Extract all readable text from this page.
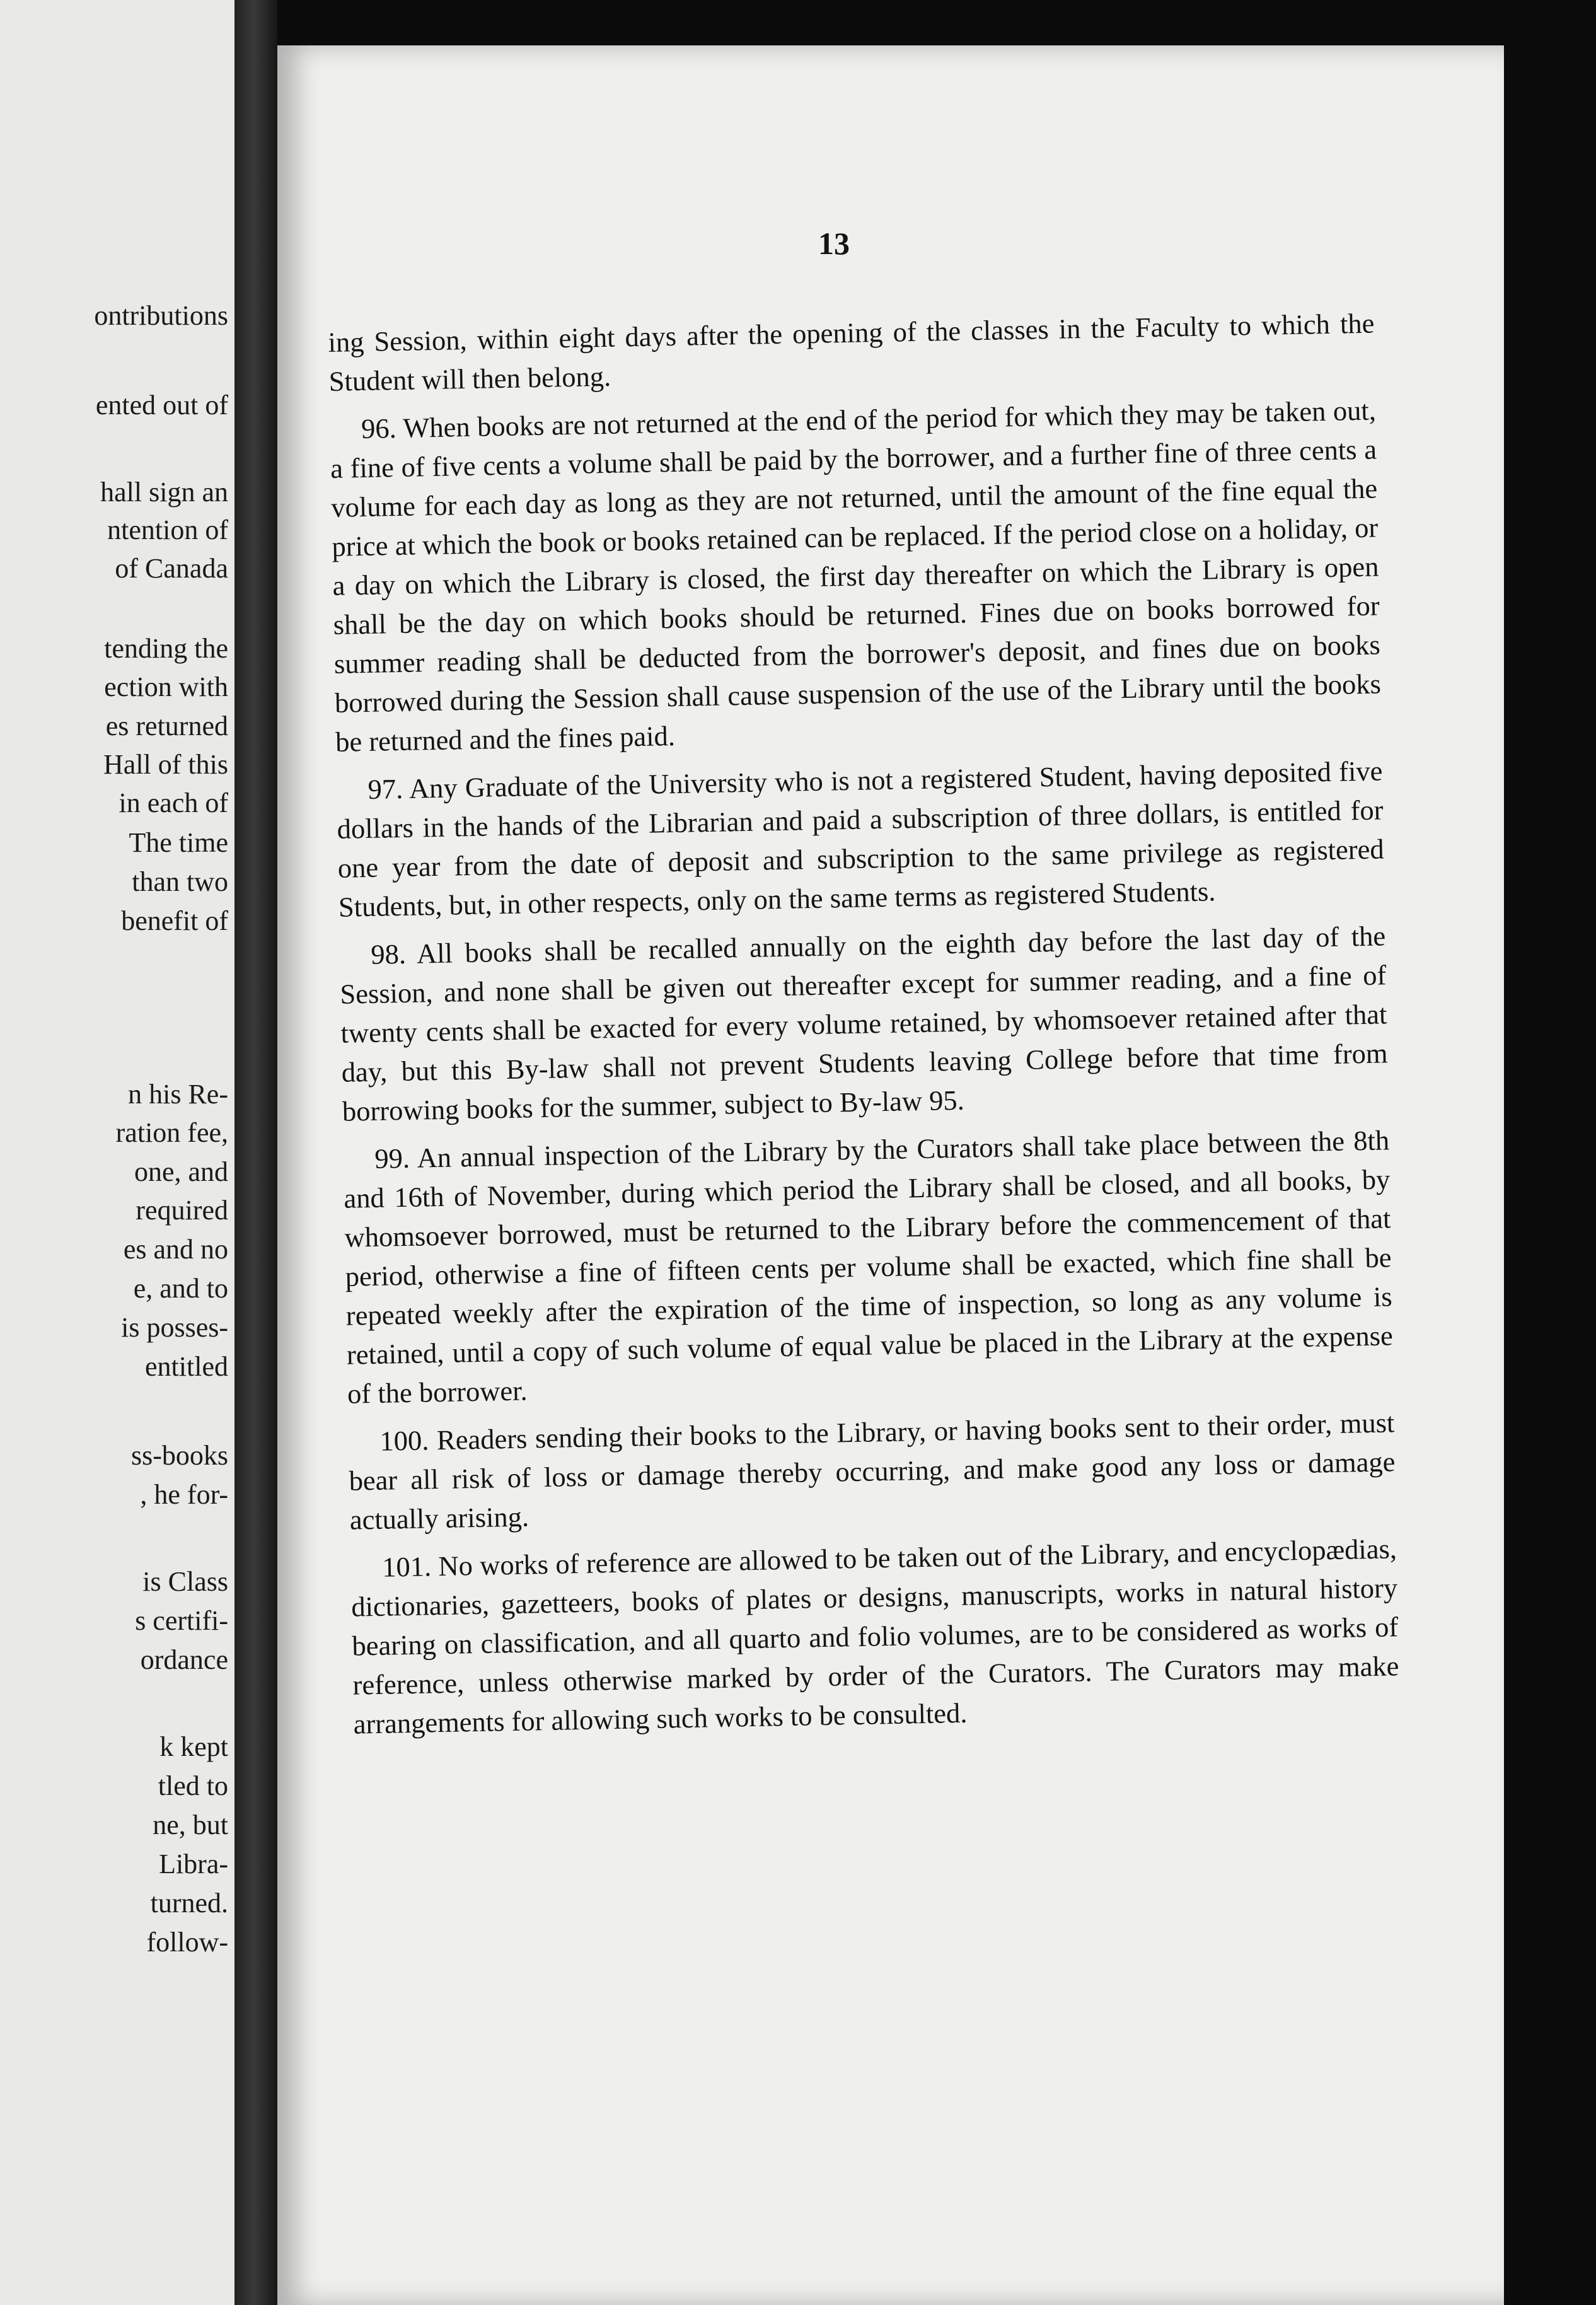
ontributions
ented out of
hall sign an
ntention of
of Canada
tending the
ection with
es returned
Hall of this
in each of
The time
than two
benefit of
n his Re-
ration fee,
one, and
required
es and no
e, and to
is posses-
entitled
ss-books
, he for-
is Class
s certifi-
ordance
k kept
tled to
ne, but
Libra-
turned.
follow-
13

ing Session, within eight days after the opening of the classes in the Faculty to which the Student will then belong.

96. When books are not returned at the end of the period for which they may be taken out, a fine of five cents a volume shall be paid by the borrower, and a further fine of three cents a volume for each day as long as they are not returned, until the amount of the fine equal the price at which the book or books retained can be replaced. If the period close on a holiday, or a day on which the Library is closed, the first day thereafter on which the Library is open shall be the day on which books should be returned. Fines due on books borrowed for summer reading shall be deducted from the borrower's deposit, and fines due on books borrowed during the Session shall cause suspension of the use of the Library until the books be returned and the fines paid.

97. Any Graduate of the University who is not a registered Student, having deposited five dollars in the hands of the Librarian and paid a subscription of three dollars, is entitled for one year from the date of deposit and subscription to the same privilege as registered Students, but, in other respects, only on the same terms as registered Students.

98. All books shall be recalled annually on the eighth day before the last day of the Session, and none shall be given out thereafter except for summer reading, and a fine of twenty cents shall be exacted for every volume retained, by whomsoever retained after that day, but this By-law shall not prevent Students leaving College before that time from borrowing books for the summer, subject to By-law 95.

99. An annual inspection of the Library by the Curators shall take place between the 8th and 16th of November, during which period the Library shall be closed, and all books, by whomsoever borrowed, must be returned to the Library before the commencement of that period, otherwise a fine of fifteen cents per volume shall be exacted, which fine shall be repeated weekly after the expiration of the time of inspection, so long as any volume is retained, until a copy of such volume of equal value be placed in the Library at the expense of the borrower.

100. Readers sending their books to the Library, or having books sent to their order, must bear all risk of loss or damage thereby occurring, and make good any loss or damage actually arising.

101. No works of reference are allowed to be taken out of the Library, and encyclopædias, dictionaries, gazetteers, books of plates or designs, manuscripts, works in natural history bearing on classification, and all quarto and folio volumes, are to be considered as works of reference, unless otherwise marked by order of the Curators. The Curators may make arrangements for allowing such works to be consulted.
